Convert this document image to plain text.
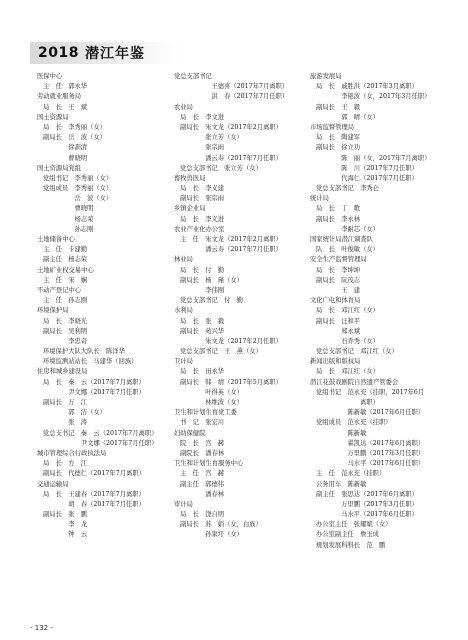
2018 潜江年鉴
医保中心
主　任　郭永华
劳动就业服务局
局　长　王　斌
国土资源局
局　长　李秀丽（女）
副局长　岳　波（女）
　　　　徐訓清
　　　　曹晓明
国土资源局党组
党组书记　李秀丽（女）
党组成员　李秀丽（女）
　　　　　岳　波（女）
　　　　　曹晓明
　　　　　杨志荣
　　　　　孙志刚
土地储备中心
主　任　卡建勤
副主任　杨志荣
土地矿业权交易中心
主　任　宋　娴
不动产登记中心
主　任　孙志刚
环境保护局
局　长　李晓光
副局长　吴利明
　　　　李忠奇
环境保护大队大队长　陈洋华
环境监测站站长　马建华（回族）
住房和城乡建设局
局　长　秦　云（2017年7月离职）
　　　　尹文娜（2017年7月任职）
副局长　万　江
　　　　郭　洁（女）
　　　　张　涛
党总支书记　秦　云（2017年7月离职）
　　　　　　尹文娜（2017年7月任职）
城市管理综合行政执法局
局　长　方　江
副局长　代德仁（2017年7月离职）
交通运输局
局　长　王建春（2017年7月离职）
　　　　胡　春（2017年7月任职）
副局长　张　鹏
　　　　李　龙
　　　　钟　云
党总支部书记
　　　　　王德喜（2017年7月离职）
　　　　　洪　春（2017年7月任职）
农业局
局　长　李文进
副局长　朱文龙（2017年2月离职）
　　　　张立芳（女）
　　　　张宗雨
　　　　潘云寿（2017年7月任职）
党总支部书记　张立芳（女）
畜牧兽医局
局　长　李义建
副局长　张宗雨
乡镇企业局
局　长　李义进
农业产业化办公室
主　任　朱文龙（2017年2月离职）
　　　　潘云寿（2017年7月任职）
林业局
局　长　付　勤
副局长　杨　瑾（女）
　　　　李伟刚
党总支部书记　付　勤
水利局
局　长　张　毅
副局长　苑兴华
　　　　朱文龙（2017年2月任职）
党总支部书记　王　燕（女）
卫计局
局　长　田永华
副局长　韩　靖（2017年5月离职）
　　　　叶得英（女）
　　　　林维波（女）
卫生和计划生育党工委
书　记　张宏川
妇幼保健院
院　长　宫　赫
副院长　潘春林
卫生和计划生育服务中心
主　任　宫　赫
副主任　郭德伟
　　　　潘春林
审计局
局　长　饶自明
副局长　苏　娟（女，白族）
　　　　孙家圩（女）
旅游发展局
局　长　戚胜洪（2017年3月离职）
　　　　李艳波（女，2017年3月任职）
副局长　王　毅
　　　　郭　晴（女）
市场监督管理局
局　长　陶建军
副局长　徐立功
　　　　陈　丽（女，2017年7月离职）
　　　　陈　川（2017年7月任职）
　　　　代海仁（2017年7月任职）
党总支部书记　李秀仑
统计局
局　长　丁　歌
副局长　李永林
　　　　李耐芯（女）
国家统计局潜江调查队
队　长　叶俊敏（女）
安全生产监督管理局
局　长　李坤坤
副局长　阮茂志
　　　　王　建
文化广电和体育局
局　长　邓江红（女）
副局长　汪和平
　　　　郑永斌
　　　　石乔秀（女）
党总支部书记　邓江红（女）
新闻出版和版权局
局　长　邓江红（女）
潜江花鼓戏剧院自然遗产管委会
党组书记　范永充（挂职，2017年6月
　　　　　　　离职）
　　　　　陈新敏（2017年6月任职）
党组成员　范永充（挂职）
　　　　　陈新敏
　　　　　翟凯达（2017年6月离职）
　　　　　万里鹏（2017年3月任职）
　　　　　马水平（2017年6月任职）
主　任　范永充（挂职）
公务用车　陈新敏
副主任　张思达（2017年6月离职）
　　　　万里鹏（2017年3月任职）
　　　　马水平（2017年6月任职）
办公室主任　张耀斌（女）
办公室副主任　詹玉成
规划发展科科长　范　鹏
- 132 -
